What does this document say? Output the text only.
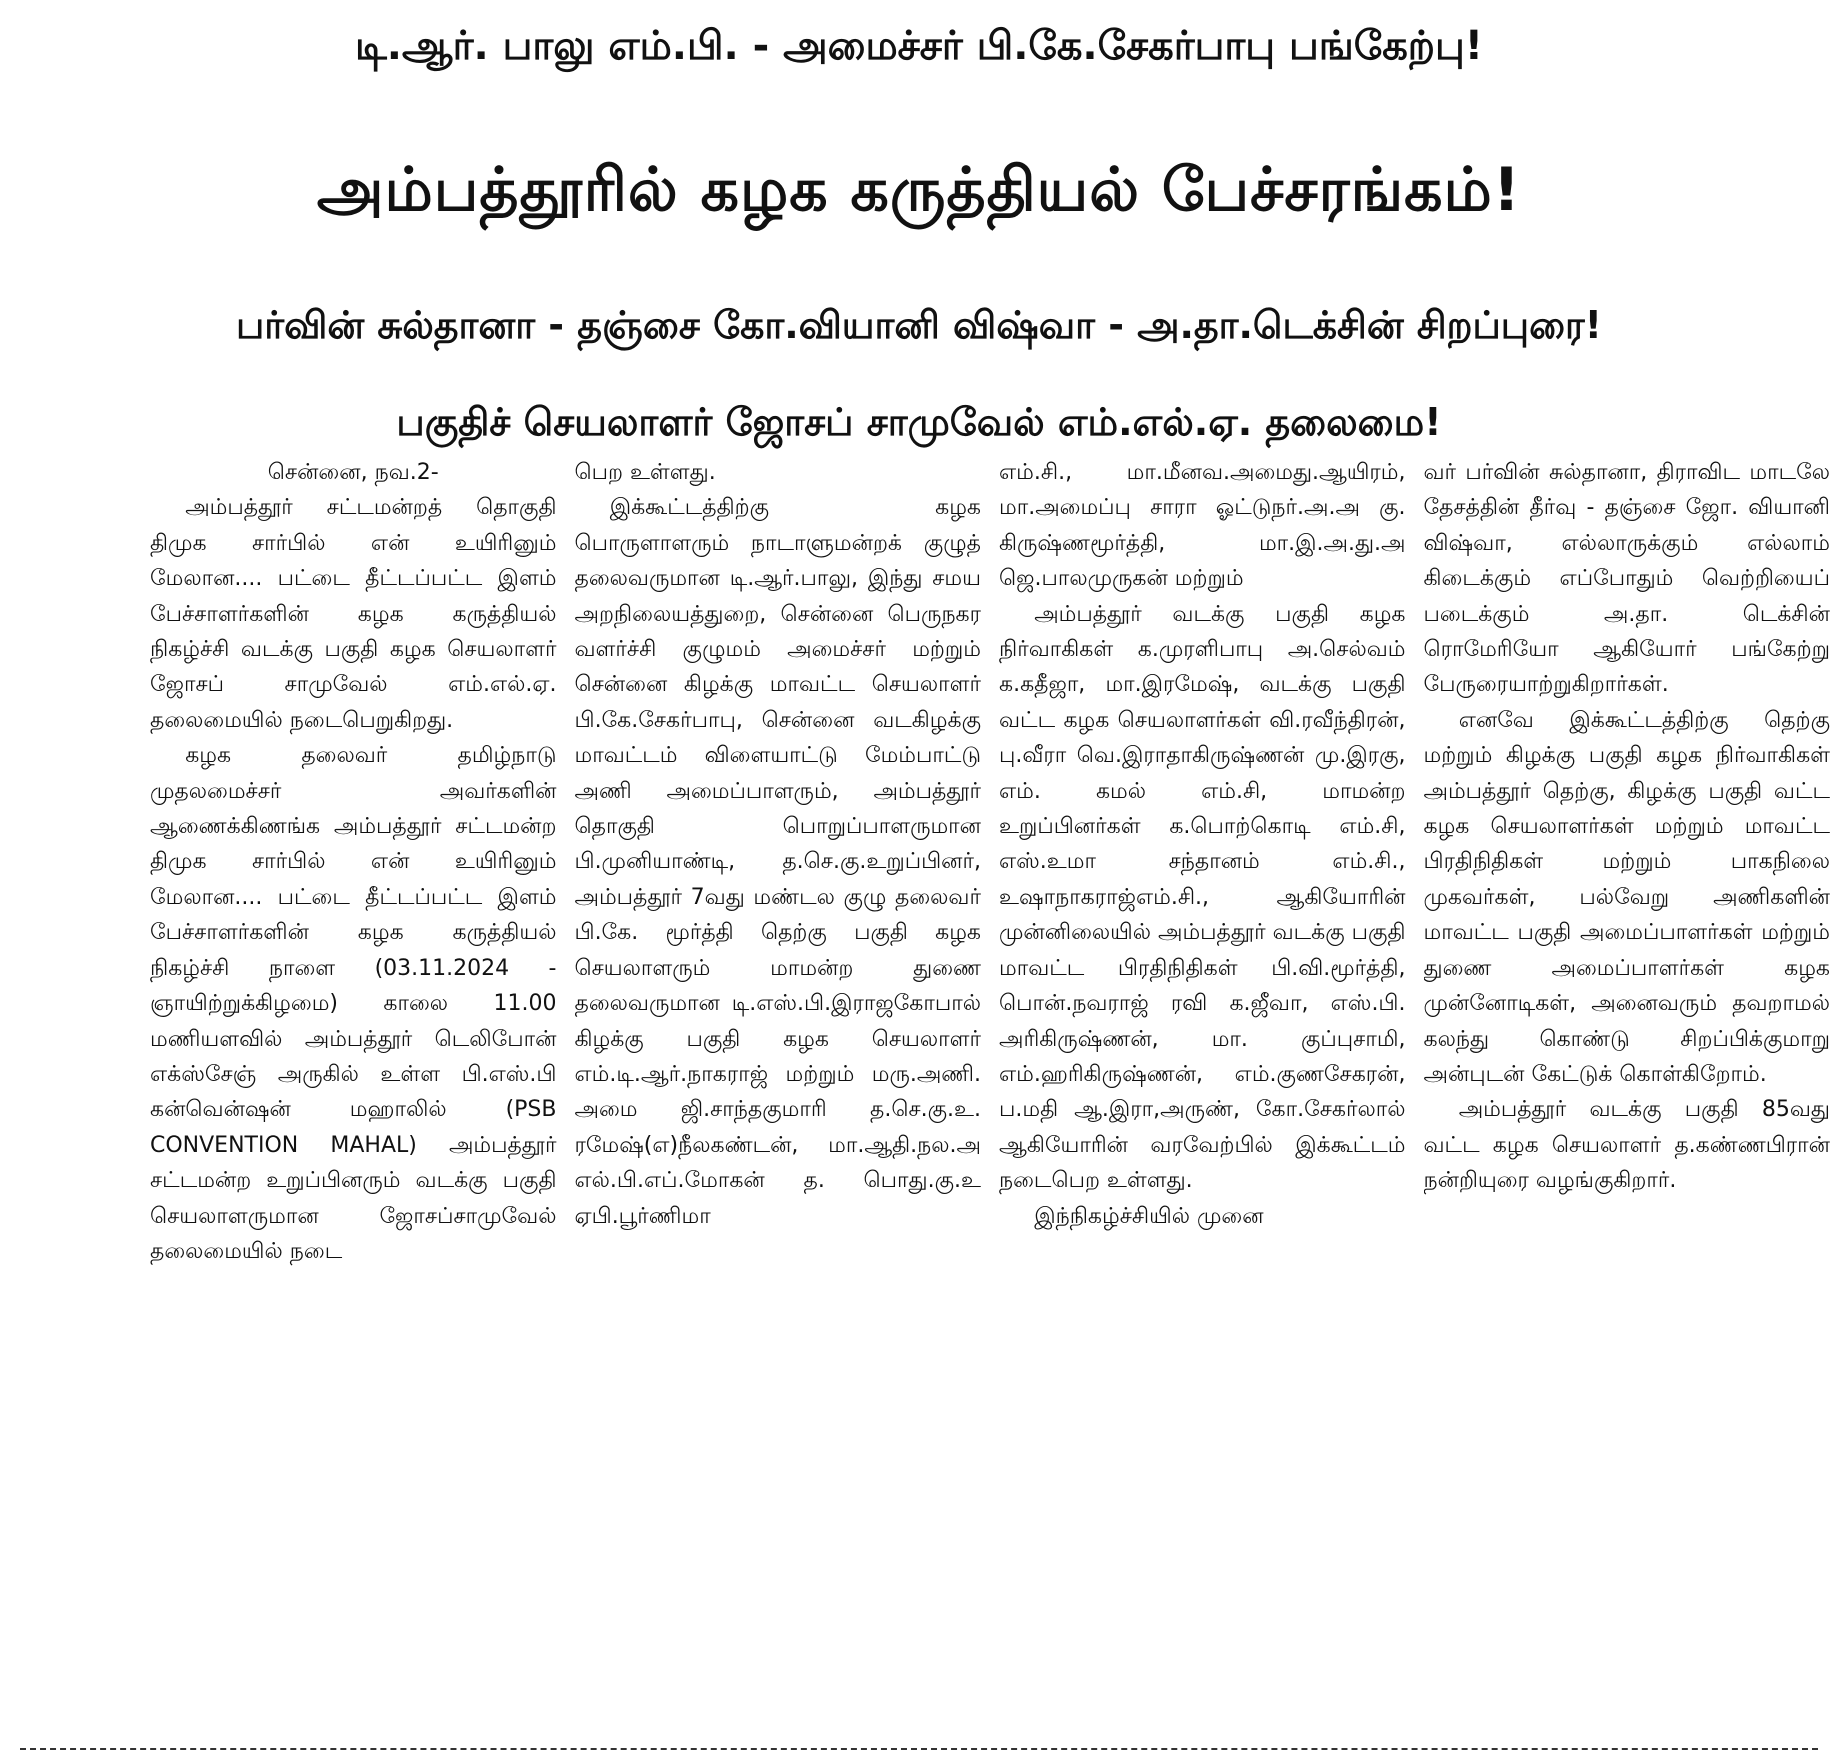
டி.ஆர். பாலு எம்.பி. - அமைச்சர் பி.கே.சேகர்பாபு பங்கேற்பு!
அம்பத்தூரில் கழக கருத்தியல் பேச்சரங்கம்!
பர்வின் சுல்தானா - தஞ்சை கோ.வியானி விஷ்வா - அ.தா.டெக்சின் சிறப்புரை!
பகுதிச் செயலாளர் ஜோசப் சாமுவேல் எம்.எல்.ஏ. தலைமை!

சென்னை, நவ.2-

அம்பத்தூர் சட்டமன்றத் தொகுதி திமுக சார்பில் என் உயிரினும் மேலான.... பட்டை தீட்டப்பட்ட இளம் பேச்சாளர்களின் கழக கருத்தியல் நிகழ்ச்சி வடக்கு பகுதி கழக செயலாளர் ஜோசப் சாமுவேல் எம்.எல்.ஏ. தலைமையில் நடைபெறுகிறது.

கழக தலைவர் தமிழ்நாடு முதலமைச்சர் அவர்களின் ஆணைக்கிணங்க அம்பத்தூர் சட்டமன்ற திமுக சார்பில் என் உயிரினும் மேலான.... பட்டை தீட்டப்பட்ட இளம் பேச்சாளர்களின் கழக கருத்தியல் நிகழ்ச்சி நாளை (03.11.2024 - ஞாயிற்றுக்கிழமை) காலை 11.00 மணியளவில் அம்பத்தூர் டெலிபோன் எக்ஸ்சேஞ் அருகில் உள்ள பி.எஸ்.பி கன்வென்ஷன் மஹாலில் (PSB CONVENTION MAHAL) அம்பத்தூர் சட்டமன்ற உறுப்பினரும் வடக்கு பகுதி செயலாளருமான ஜோசப்சாமுவேல் தலைமையில் நடை

பெற உள்ளது.

இக்கூட்டத்திற்கு கழக பொருளாளரும் நாடாளுமன்றக் குழுத் தலைவருமான டி.ஆர்.பாலு, இந்து சமய அறநிலையத்துறை, சென்னை பெருநகர வளர்ச்சி குழுமம் அமைச்சர் மற்றும் சென்னை கிழக்கு மாவட்ட செயலாளர் பி.கே.சேகர்பாபு, சென்னை வடகிழக்கு மாவட்டம் விளையாட்டு மேம்பாட்டு அணி அமைப்பாளரும், அம்பத்தூர் தொகுதி பொறுப்பாளருமான பி.முனியாண்டி, த.செ.கு.உறுப்பினர், அம்பத்தூர் 7வது மண்டல குழு தலைவர் பி.கே. மூர்த்தி தெற்கு பகுதி கழக செயலாளரும் மாமன்ற துணை தலைவருமான டி.எஸ்.பி.இராஜகோபால் கிழக்கு பகுதி கழக செயலாளர் எம்.டி.ஆர்.நாகராஜ் மற்றும் மரு.அணி. அமை ஜி.சாந்தகுமாரி த.செ.கு.உ. ரமேஷ்(எ)நீலகண்டன், மா.ஆதி.நல.அ எல்.பி.எப்.மோகன் த. பொது.கு.உ ஏபி.பூர்ணிமா

எம்.சி., மா.மீனவ.அமைது.ஆயிரம், மா.அமைப்பு சாரா ஓட்டுநர்.அ.அ கு. கிருஷ்ணமூர்த்தி, மா.இ.அ.து.அ ஜெ.பாலமுருகன் மற்றும்

அம்பத்தூர் வடக்கு பகுதி கழக நிர்வாகிகள் க.முரளிபாபு அ.செல்வம் க.கதீஜா, மா.இரமேஷ், வடக்கு பகுதி வட்ட கழக செயலாளர்கள் வி.ரவீந்திரன், பு.வீரா வெ.இராதாகிருஷ்ணன் மு.இரகு, எம். கமல் எம்.சி, மாமன்ற உறுப்பினர்கள் க.பொற்கொடி எம்.சி, எஸ்.உமா சந்தானம் எம்.சி., உஷாநாகராஜ்எம்.சி., ஆகியோரின் முன்னிலையில் அம்பத்தூர் வடக்கு பகுதி மாவட்ட பிரதிநிதிகள் பி.வி.மூர்த்தி, பொன்.நவராஜ் ரவி க.ஜீவா, எஸ்.பி. அரிகிருஷ்ணன், மா. குப்புசாமி, எம்.ஹரிகிருஷ்ணன், எம்.குணசேகரன், ப.மதி ஆ.இரா,அருண், கோ.சேகர்லால் ஆகியோரின் வரவேற்பில் இக்கூட்டம் நடைபெற உள்ளது.

இந்நிகழ்ச்சியில் முனை

வர் பர்வின் சுல்தானா, திராவிட மாடலே தேசத்தின் தீர்வு - தஞ்சை ஜோ. வியானி விஷ்வா, எல்லாருக்கும் எல்லாம் கிடைக்கும் எப்போதும் வெற்றியைப் படைக்கும் அ.தா. டெக்சின் ரொமேரியோ ஆகியோர் பங்கேற்று பேருரையாற்றுகிறார்கள்.

எனவே இக்கூட்டத்திற்கு தெற்கு மற்றும் கிழக்கு பகுதி கழக நிர்வாகிகள் அம்பத்தூர் தெற்கு, கிழக்கு பகுதி வட்ட கழக செயலாளர்கள் மற்றும் மாவட்ட பிரதிநிதிகள் மற்றும் பாகநிலை முகவர்கள், பல்வேறு அணிகளின் மாவட்ட பகுதி அமைப்பாளர்கள் மற்றும் துணை அமைப்பாளர்கள் கழக முன்னோடிகள், அனைவரும் தவறாமல் கலந்து கொண்டு சிறப்பிக்குமாறு அன்புடன் கேட்டுக் கொள்கிறோம்.

அம்பத்தூர் வடக்கு பகுதி 85வது வட்ட கழக செயலாளர் த.கண்ணபிரான் நன்றியுரை வழங்குகிறார்.
